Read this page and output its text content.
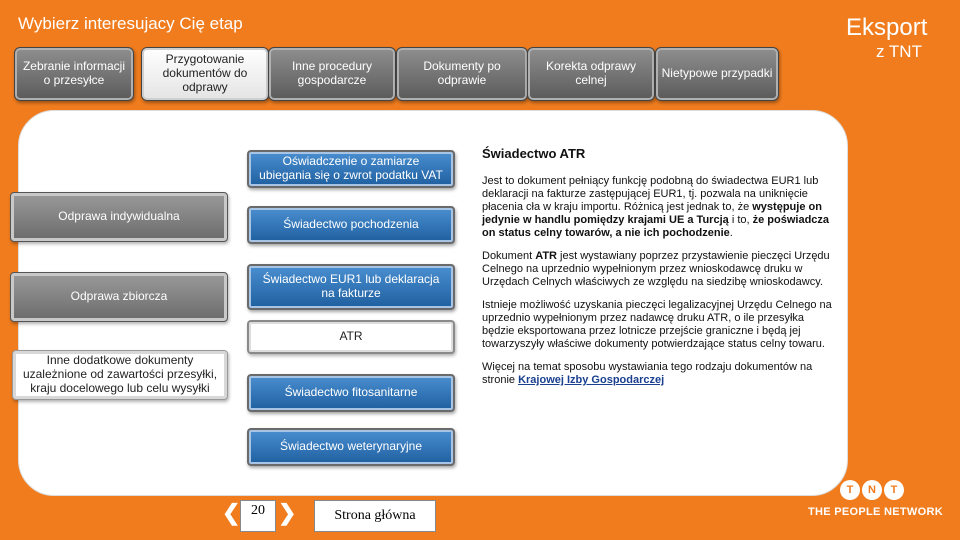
Wybierz interesujacy Cię etap	Eksport
z TNT
Zebranie informacji o przesyłce
Przygotowanie dokumentów do odprawy
Inne procedury gospodarcze
Dokumenty po odprawie
Korekta odprawy celnej	Nietypowe przypadki
Odprawa indywidualna
Odprawa zbiorcza
Inne dodatkowe dokumenty uzależnione od zawartości przesyłki, kraju docelowego lub celu wysyłki
Oświadczenie o zamiarze ubiegania się o zwrot podatku VAT
Świadectwo pochodzenia
Świadectwo EUR1 lub deklaracja na fakturze
ATR
Świadectwo fitosanitarne
Świadectwo weterynaryjne
Świadectwo ATR

Jest to dokument pełniący funkcję podobną do świadectwa EUR1 lub deklaracji na fakturze zastępującej EUR1, tj. pozwala na uniknięcie płacenia cła w kraju importu. Różnicą jest jednak to, że występuje on jedynie w handlu pomiędzy krajami UE a Turcją i to, że poświadcza on status celny towarów, a nie ich pochodzenie.

Dokument ATR jest wystawiany poprzez przystawienie pieczęci Urzędu Celnego na uprzednio wypełnionym przez wnioskodawcę druku w Urzędach Celnych właściwych ze względu na siedzibę wnioskodawcy.

Istnieje możliwość uzyskania pieczęci legalizacyjnej Urzędu Celnego na uprzednio wypełnionym przez nadawcę druku ATR, o ile przesyłka będzie eksportowana przez lotnicze przejście graniczne i będą jej towarzyszyły właściwe dokumenty potwierdzające status celny towaru.

Więcej na temat sposobu wystawiania tego rodzaju dokumentów na stronie Krajowej Izby Gospodarczej

❮ 20 ❯	Strona główna
T	N	T
THE PEOPLE NETWORK
